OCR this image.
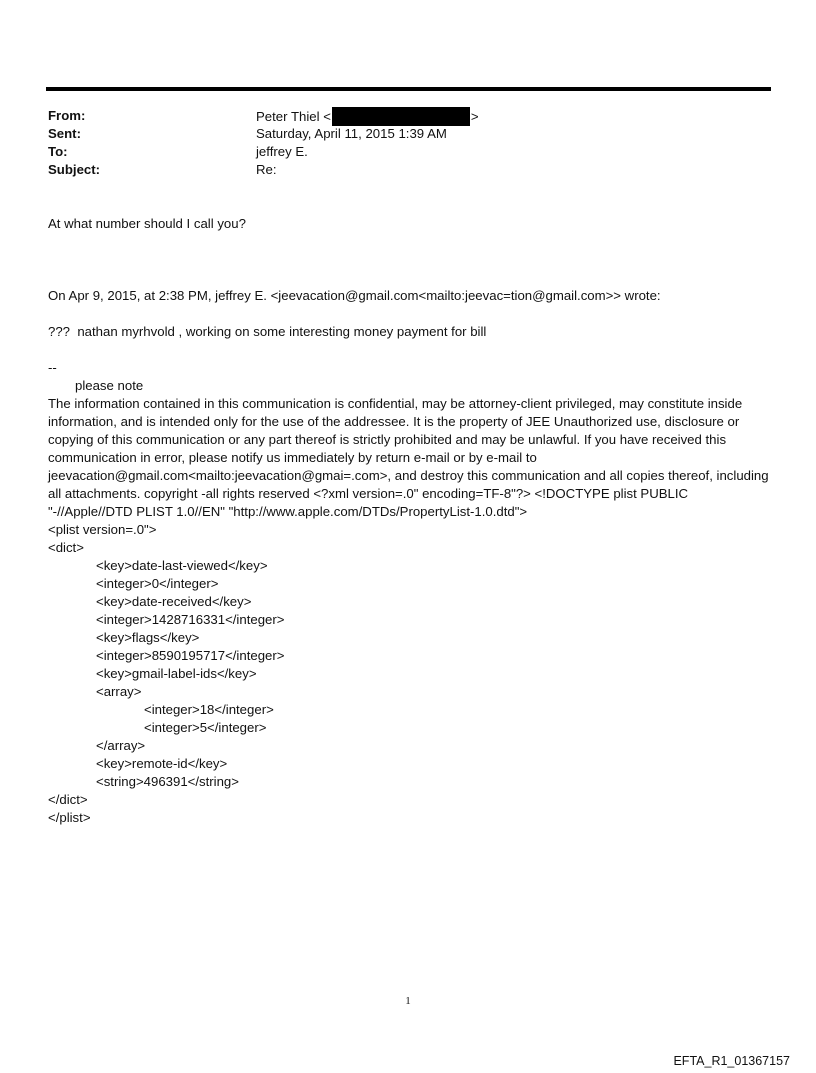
From:	Peter Thiel <	>
Sent:	Saturday, April 11, 2015 1:39 AM
To:	jeffrey E.
Subject:	Re:

At what number should I call you?

On Apr 9, 2015, at 2:38 PM, jeffrey E. <jeevacation@gmail.com<mailto:jeevac=tion@gmail.com>> wrote:

???  nathan myrhvold , working on some interesting money payment for bill

--

please note

The information contained in this communication is confidential, may be attorney-client privileged, may constitute inside information, and is intended only for the use of the addressee. It is the property of JEE Unauthorized use, disclosure or copying of this communication or any part thereof is strictly prohibited and may be unlawful. If you have received this communication in error, please notify us immediately by return e-mail or by e-mail to jeevacation@gmail.com<mailto:jeevacation@gmai=.com>, and destroy this communication and all copies thereof, including all attachments. copyright -all rights reserved <?xml version=.0" encoding=TF-8"?> <!DOCTYPE plist PUBLIC "-//Apple//DTD PLIST 1.0//EN" "http://www.apple.com/DTDs/PropertyList-1.0.dtd">

<plist version=.0">
<dict>
<key>date-last-viewed</key>
<integer>0</integer>
<key>date-received</key>
<integer>1428716331</integer>
<key>flags</key>
<integer>8590195717</integer>
<key>gmail-label-ids</key>
<array>
<integer>18</integer>
<integer>5</integer>
</array>
<key>remote-id</key>
<string>496391</string>
</dict>
</plist>
1
EFTA_R1_01367157
